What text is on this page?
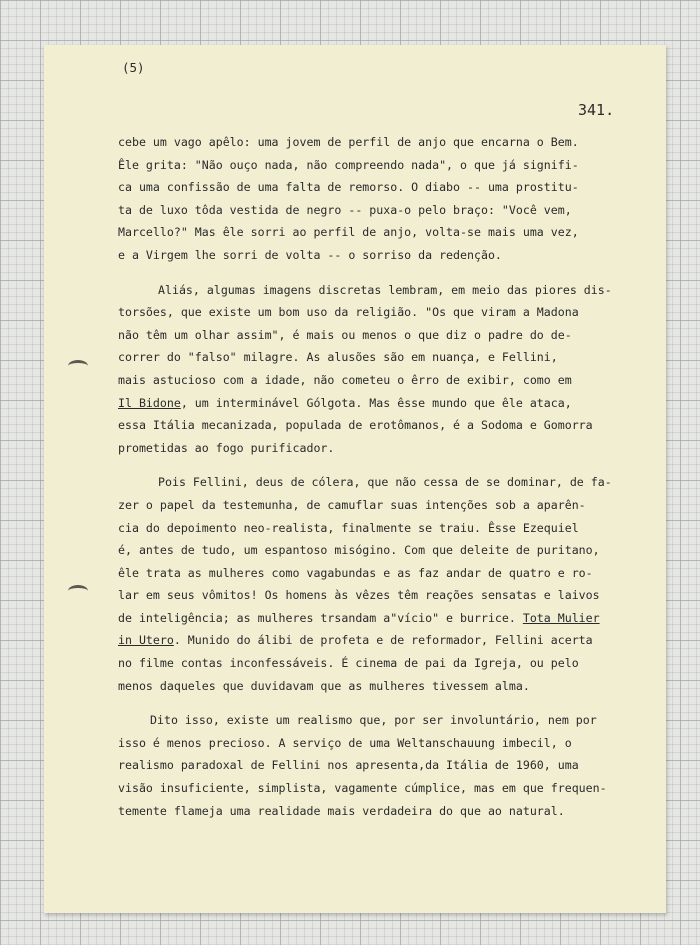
(5)
341.

cebe um vago apêlo: uma jovem de perfil de anjo que encarna o Bem.
Êle grita: "Não ouço nada, não compreendo nada", o que já signifi-
ca uma confissão de uma falta de remorso. O diabo -- uma prostitu-
ta de luxo tôda vestida de negro -- puxa-o pelo braço: "Você vem,
Marcello?" Mas êle sorri ao perfil de anjo, volta-se mais uma vez,
e a Virgem lhe sorri de volta -- o sorriso da redenção.

Aliás, algumas imagens discretas lembram, em meio das piores dis-
torsões, que existe um bom uso da religião. "Os que viram a Madona
não têm um olhar assim", é mais ou menos o que diz o padre do de-
correr do "falso" milagre. As alusões são em nuança, e Fellini,
mais astucioso com a idade, não cometeu o êrro de exibir, como em
Il Bidone, um interminável Gólgota. Mas êsse mundo que êle ataca,
essa Itália mecanizada, populada de erotômanos, é a Sodoma e Gomorra
prometidas ao fogo purificador.

Pois Fellini, deus de cólera, que não cessa de se dominar, de fa-
zer o papel da testemunha, de camuflar suas intenções sob a aparên-
cia do depoimento neo-realista, finalmente se traiu. Êsse Ezequiel
é, antes de tudo, um espantoso misógino. Com que deleite de puritano,
êle trata as mulheres como vagabundas e as faz andar de quatro e ro-
lar em seus vômitos! Os homens às vêzes têm reações sensatas e laivos
de inteligência; as mulheres trsandam a"vício" e burrice. Tota Mulier
in Utero. Munido do álibi de profeta e de reformador, Fellini acerta
no filme contas inconfessáveis. É cinema de pai da Igreja, ou pelo
menos daqueles que duvidavam que as mulheres tivessem alma.

Dito isso, existe um realismo que, por ser involuntário, nem por
isso é menos precioso. A serviço de uma Weltanschauung imbecil, o
realismo paradoxal de Fellini nos apresenta,da Itália de 1960, uma
visão insuficiente, simplista, vagamente cúmplice, mas em que frequen-
temente flameja uma realidade mais verdadeira do que ao natural.
